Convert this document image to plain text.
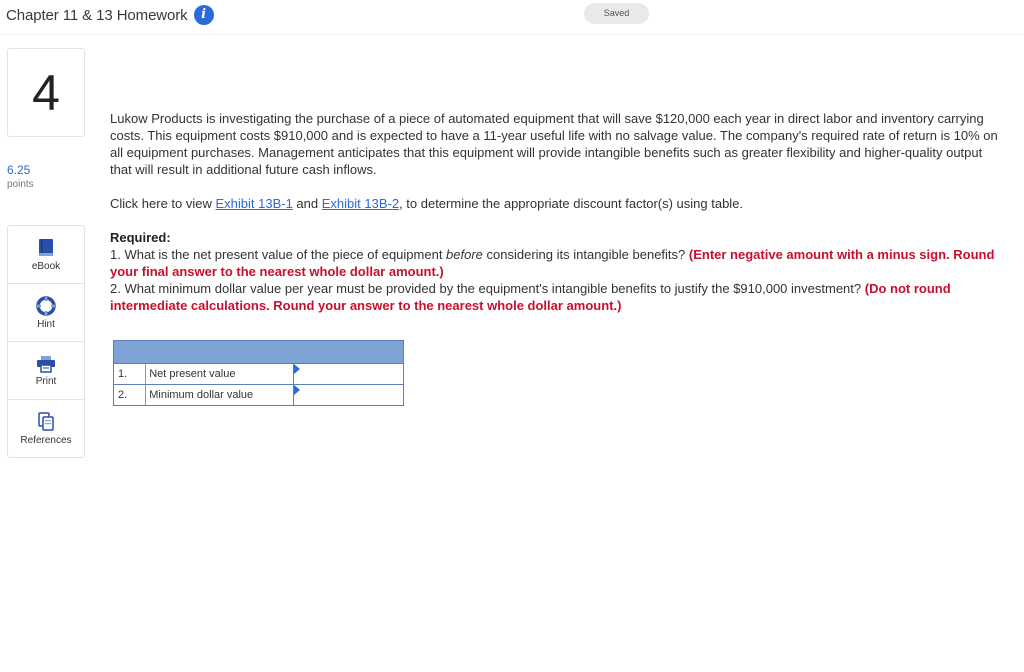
Chapter 11 & 13 Homework	i	Saved
4
6.25
points
eBook
Hint
Print
References

Lukow Products is investigating the purchase of a piece of automated equipment that will save $120,000 each year in direct labor and inventory carrying costs. This equipment costs $910,000 and is expected to have a 11-year useful life with no salvage value. The company's required rate of return is 10% on all equipment purchases. Management anticipates that this equipment will provide intangible benefits such as greater flexibility and higher-quality output that will result in additional future cash inflows.

Click here to view Exhibit 13B-1 and Exhibit 13B-2, to determine the appropriate discount factor(s) using table.

Required:
1. What is the net present value of the piece of equipment before considering its intangible benefits? (Enter negative amount with a minus sign. Round your final answer to the nearest whole dollar amount.)
2. What minimum dollar value per year must be provided by the equipment's intangible benefits to justify the $910,000 investment? (Do not round intermediate calculations. Round your answer to the nearest whole dollar amount.)

1.	Net present value	

2.	Minimum dollar value	
